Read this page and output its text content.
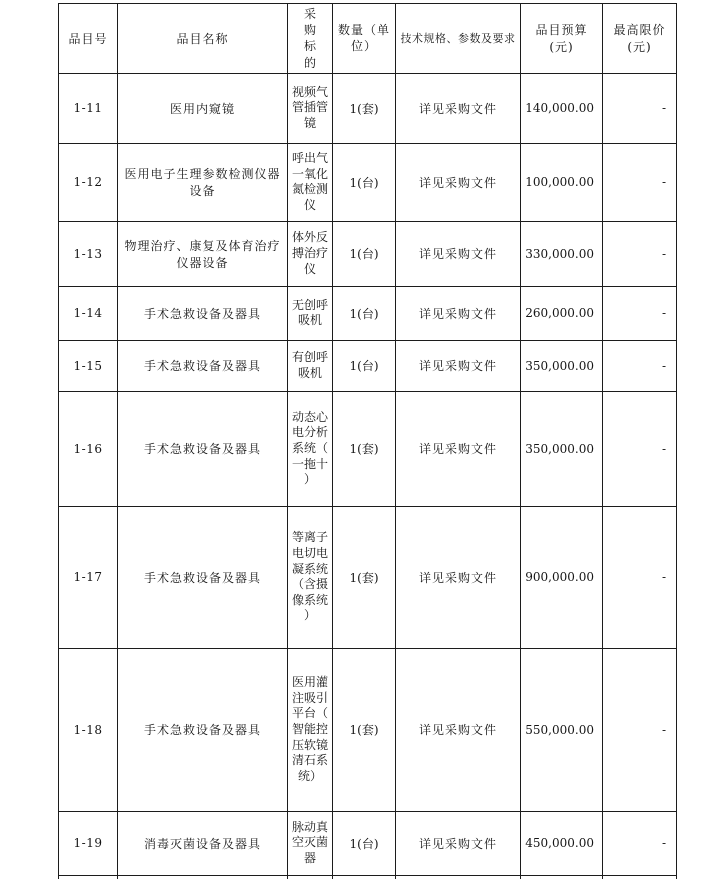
品目号	品目名称	采购标的	数量（单位）	技术规格、参数及要求	品目预算(元)	最高限价(元)
1-11	医用内窥镜	视频气管插管镜	1(套)	详见采购文件	140,000.00	-
1-12	医用电子生理参数检测仪器设备	呼出气一氧化氮检测仪	1(台)	详见采购文件	100,000.00	-
1-13	物理治疗、康复及体育治疗仪器设备	体外反搏治疗仪	1(台)	详见采购文件	330,000.00	-
1-14	手术急救设备及器具	无创呼吸机	1(台)	详见采购文件	260,000.00	-
1-15	手术急救设备及器具	有创呼吸机	1(台)	详见采购文件	350,000.00	-
1-16	手术急救设备及器具	动态心电分析系统（一拖十）	1(套)	详见采购文件	350,000.00	-
1-17	手术急救设备及器具	等离子电切电凝系统（含摄像系统）	1(套)	详见采购文件	900,000.00	-
1-18	手术急救设备及器具	医用灌注吸引平台（智能控压软镜清石系统）	1(套)	详见采购文件	550,000.00	-
1-19	消毒灭菌设备及器具	脉动真空灭菌器	1(台)	详见采购文件	450,000.00	-
